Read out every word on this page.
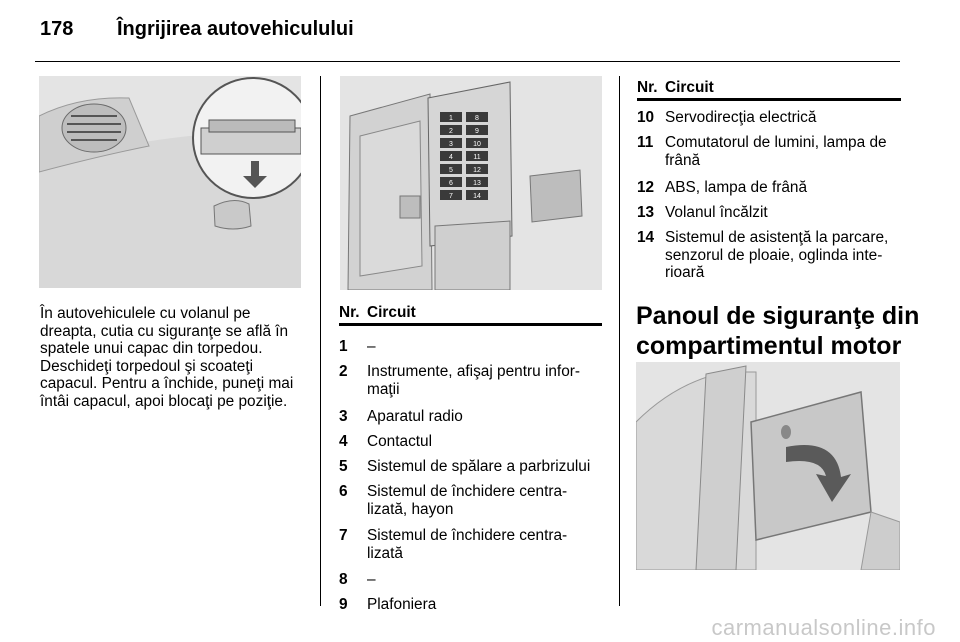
178 Îngrijirea autovehiculului
1	8
2	9
3	10
4	11
5	12
6	13
7	14

În autovehiculele cu volanul pe
dreapta, cutia cu siguranţe se află în
spatele unui capac din torpedou.
Deschideţi torpedoul şi scoateţi
capacul. Pentru a închide, puneţi mai
întâi capacul, apoi blocaţi pe poziţie.

Nr. Circuit
1 –
2 Instrumente, afişaj pentru infor-
maţii
3 Aparatul radio
4 Contactul
5 Sistemul de spălare a parbrizului
6 Sistemul de închidere centra-
lizată, hayon
7 Sistemul de închidere centra-
lizată
8 –
9 Plafoniera
Nr. Circuit
10 Servodirecţia electrică
11 Comutatorul de lumini, lampa de
frână
12 ABS, lampa de frână
13 Volanul încălzit
14 Sistemul de asistenţă la parcare,
senzorul de ploaie, oglinda inte-
rioară
Panoul de siguranţe din
compartimentul motor
carmanualsonline.info
